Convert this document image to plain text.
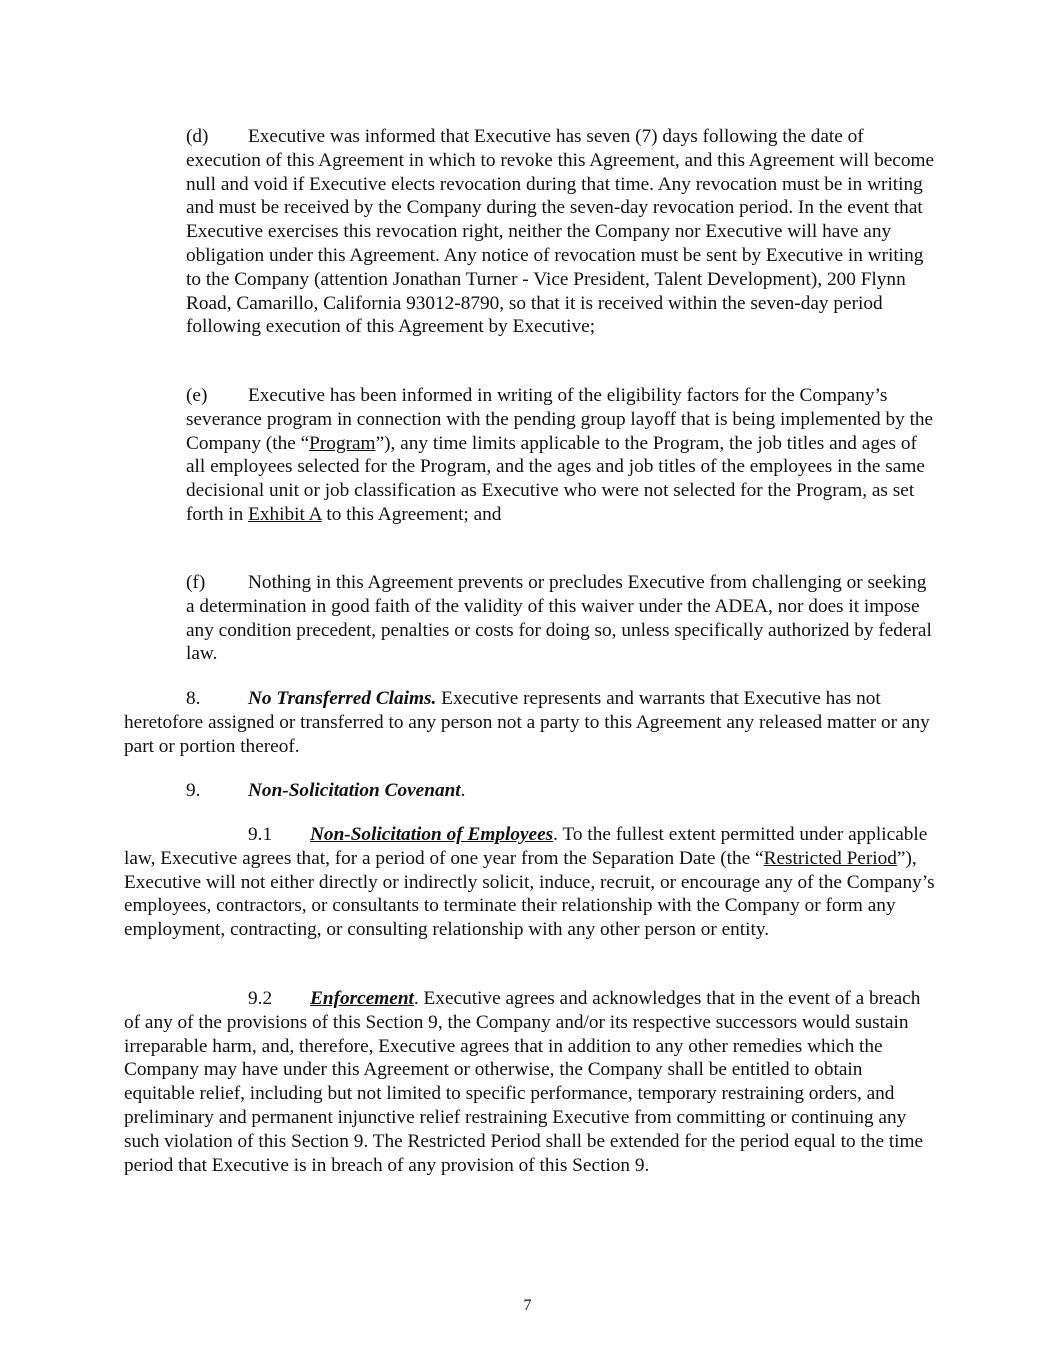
(d) Executive was informed that Executive has seven (7) days following the date of execution of this Agreement in which to revoke this Agreement, and this Agreement will become null and void if Executive elects revocation during that time. Any revocation must be in writing and must be received by the Company during the seven-day revocation period. In the event that Executive exercises this revocation right, neither the Company nor Executive will have any obligation under this Agreement. Any notice of revocation must be sent by Executive in writing to the Company (attention Jonathan Turner - Vice President, Talent Development), 200 Flynn Road, Camarillo, California 93012-8790, so that it is received within the seven-day period following execution of this Agreement by Executive;

(e) Executive has been informed in writing of the eligibility factors for the Company’s severance program in connection with the pending group layoff that is being implemented by the Company (the “Program”), any time limits applicable to the Program, the job titles and ages of all employees selected for the Program, and the ages and job titles of the employees in the same decisional unit or job classification as Executive who were not selected for the Program, as set forth in Exhibit A to this Agreement; and

(f) Nothing in this Agreement prevents or precludes Executive from challenging or seeking a determination in good faith of the validity of this waiver under the ADEA, nor does it impose any condition precedent, penalties or costs for doing so, unless specifically authorized by federal law.

8. No Transferred Claims. Executive represents and warrants that Executive has not heretofore assigned or transferred to any person not a party to this Agreement any released matter or any part or portion thereof.

9. Non-Solicitation Covenant.

9.1 Non-Solicitation of Employees. To the fullest extent permitted under applicable law, Executive agrees that, for a period of one year from the Separation Date (the “Restricted Period”), Executive will not either directly or indirectly solicit, induce, recruit, or encourage any of the Company’s employees, contractors, or consultants to terminate their relationship with the Company or form any employment, contracting, or consulting relationship with any other person or entity.

9.2 Enforcement. Executive agrees and acknowledges that in the event of a breach of any of the provisions of this Section 9, the Company and/or its respective successors would sustain irreparable harm, and, therefore, Executive agrees that in addition to any other remedies which the Company may have under this Agreement or otherwise, the Company shall be entitled to obtain equitable relief, including but not limited to specific performance, temporary restraining orders, and preliminary and permanent injunctive relief restraining Executive from committing or continuing any such violation of this Section 9. The Restricted Period shall be extended for the period equal to the time period that Executive is in breach of any provision of this Section 9.

7
